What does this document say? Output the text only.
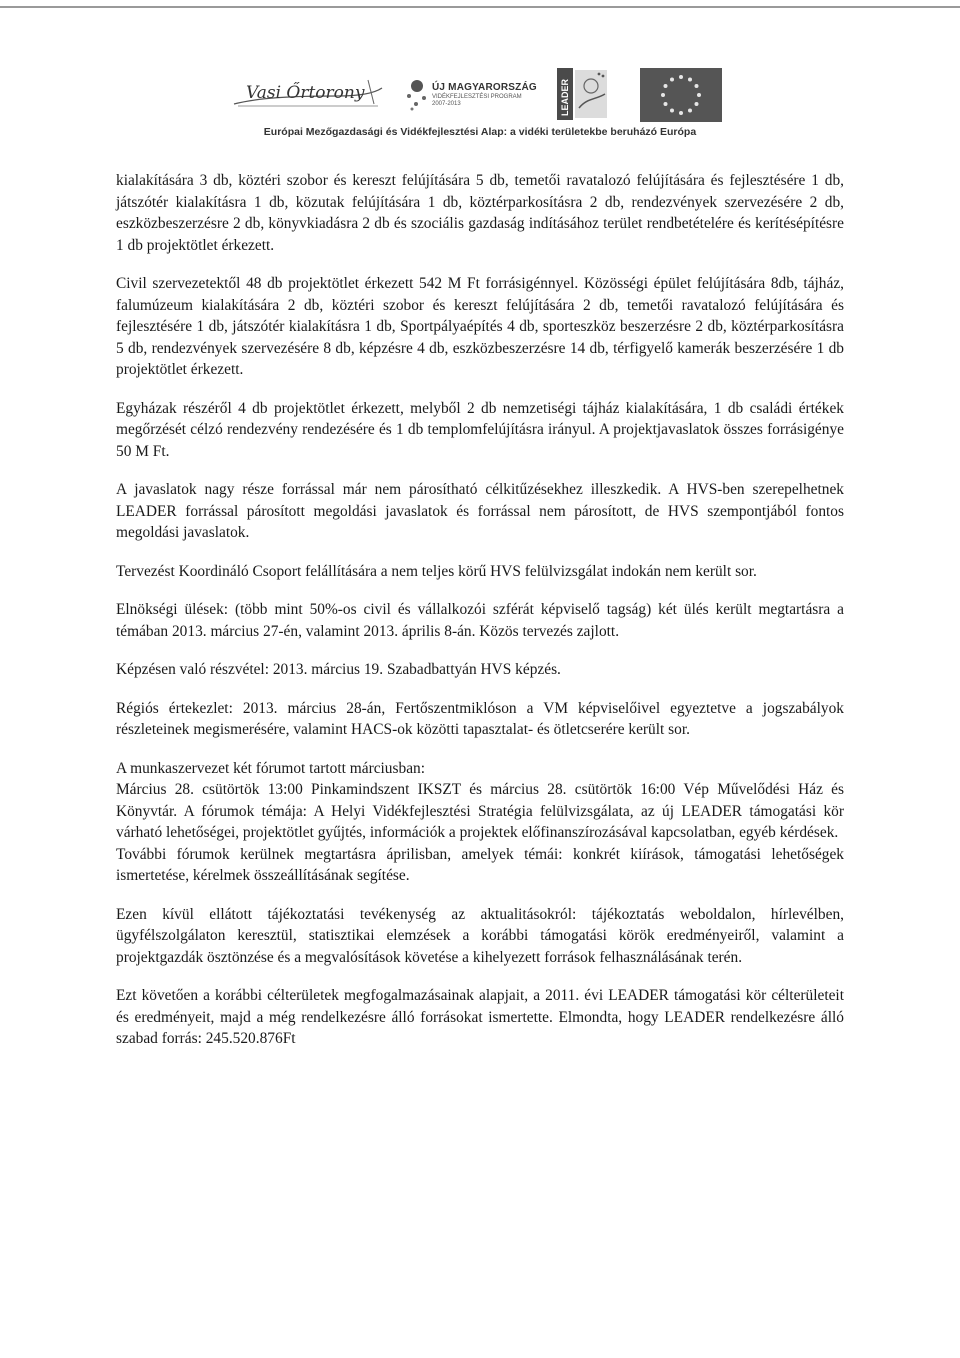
Vasi Őrtorony	ÚJ MAGYARORSZÁG
VIDÉKFEJLESZTÉSI PROGRAM
2007-2013	LEADER
Európai Mezőgazdasági és Vidékfejlesztési Alap: a vidéki területekbe beruházó Európa

kialakítására 3 db, köztéri szobor és kereszt felújítására 5 db, temetői ravatalozó felújítására és fejlesztésére 1 db, játszótér kialakításra 1 db, közutak felújítására 1 db, köztérparkosításra 2 db, rendezvények szervezésére 2 db, eszközbeszerzésre 2 db, könyvkiadásra 2 db és szociális gazdaság indításához terület rendbetételére és kerítésépítésre 1 db projektötlet érkezett.

Civil szervezetektől 48 db projektötlet érkezett 542 M Ft forrásigénnyel. Közösségi épület felújítására 8db, tájház, falumúzeum kialakítására 2 db, köztéri szobor és kereszt felújítására 2 db, temetői ravatalozó felújítására és fejlesztésére 1 db, játszótér kialakításra 1 db, Sportpályaépítés 4 db, sporteszköz beszerzésre 2 db, köztérparkosításra 5 db, rendezvények szervezésére 8 db, képzésre 4 db, eszközbeszerzésre 14 db, térfigyelő kamerák beszerzésére 1 db projektötlet érkezett.

Egyházak részéről 4 db projektötlet érkezett, melyből 2 db nemzetiségi tájház kialakítására, 1 db családi értékek megőrzését célzó rendezvény rendezésére és 1 db templomfelújításra irányul. A projektjavaslatok összes forrásigénye 50 M Ft.

A javaslatok nagy része forrással már nem párosítható célkitűzésekhez illeszkedik. A HVS-ben szerepelhetnek LEADER forrással párosított megoldási javaslatok és forrással nem párosított, de HVS szempontjából fontos megoldási javaslatok.

Tervezést Koordináló Csoport felállítására a nem teljes körű HVS felülvizsgálat indokán nem került sor.

Elnökségi ülések: (több mint 50%-os civil és vállalkozói szférát képviselő tagság) két ülés került megtartásra a témában 2013. március 27-én, valamint 2013. április 8-án. Közös tervezés zajlott.

Képzésen való részvétel: 2013. március 19. Szabadbattyán HVS képzés.

Régiós értekezlet: 2013. március 28-án, Fertőszentmiklóson a VM képviselőivel egyeztetve a jogszabályok részleteinek megismerésére, valamint HACS-ok közötti tapasztalat- és ötletcserére került sor.

A munkaszervezet két fórumot tartott márciusban:

Március 28. csütörtök 13:00 Pinkamindszent IKSZT és március 28. csütörtök 16:00 Vép Művelődési Ház és Könyvtár. A fórumok témája: A Helyi Vidékfejlesztési Stratégia felülvizsgálata, az új LEADER támogatási kör várható lehetőségei, projektötlet gyűjtés, információk a projektek előfinanszírozásával kapcsolatban, egyéb kérdések.

További fórumok kerülnek megtartásra áprilisban, amelyek témái: konkrét kiírások, támogatási lehetőségek ismertetése, kérelmek összeállításának segítése.

Ezen kívül ellátott tájékoztatási tevékenység az aktualitásokról: tájékoztatás weboldalon, hírlevélben, ügyfélszolgálaton keresztül, statisztikai elemzések a korábbi támogatási körök eredményeiről, valamint a projektgazdák ösztönzése és a megvalósítások követése a kihelyezett források felhasználásának terén.

Ezt követően a korábbi célterületek megfogalmazásainak alapjait, a 2011. évi LEADER támogatási kör célterületeit és eredményeit, majd a még rendelkezésre álló forrásokat ismertette. Elmondta, hogy LEADER rendelkezésre álló szabad forrás: 245.520.876Ft
